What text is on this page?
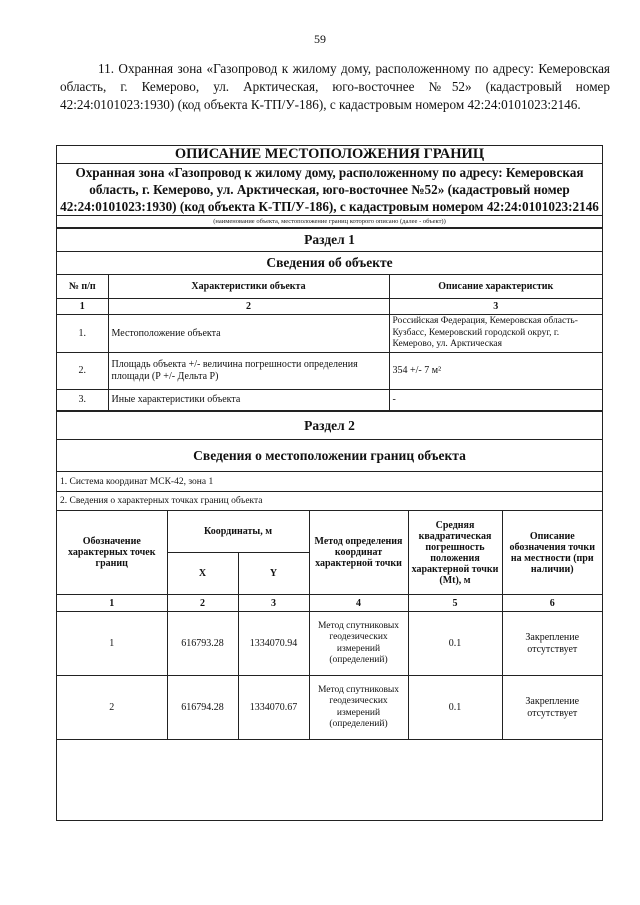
59
11. Охранная зона «Газопровод к жилому дому, расположенному по адресу: Кемеровская область, г. Кемерово, ул. Арктическая, юго-восточнее №52» (кадастровый номер 42:24:0101023:1930) (код объекта К-ТП/У-186), с кадастровым номером 42:24:0101023:2146.
ОПИСАНИЕ МЕСТОПОЛОЖЕНИЯ ГРАНИЦ
Охранная зона «Газопровод к жилому дому, расположенному по адресу: Кемеровская область, г. Кемерово, ул. Арктическая, юго-восточнее №52» (кадастровый номер 42:24:0101023:1930) (код объекта К-ТП/У-186), с кадастровым номером 42:24:0101023:2146
(наименование объекта, местоположение границ которого описано (далее - объект))
Раздел 1		
Сведения об объекте		
№ п/п	Характеристики объекта	Описание характеристик
1	2	3
1.	Местоположение объекта	Российская Федерация, Кемеровская область-Кузбасс, Кемеровский городской округ, г. Кемерово, ул. Арктическая
2.	Площадь объекта +/- величина погрешности определения площади (Р +/- Дельта Р)	354 +/- 7 м²
3.	Иные характеристики объекта	-
Раздел 2					
Сведения о местоположении границ объекта					
1. Система координат МСК-42, зона 1					
2. Сведения о характерных точках границ объекта					
Обозначение характерных точек границ	Координаты, м		Метод определения координат характерной точки	Средняя квадратическая погрешность положения характерной точки (Mt), м	Описание обозначения точки на местности (при наличии)
	X	Y			
1	2	3	4	5	6
1	616793.28	1334070.94	Метод спутниковых геодезических измерений (определений)	0.1	Закрепление отсутствует
2	616794.28	1334070.67	Метод спутниковых геодезических измерений (определений)	0.1	Закрепление отсутствует
